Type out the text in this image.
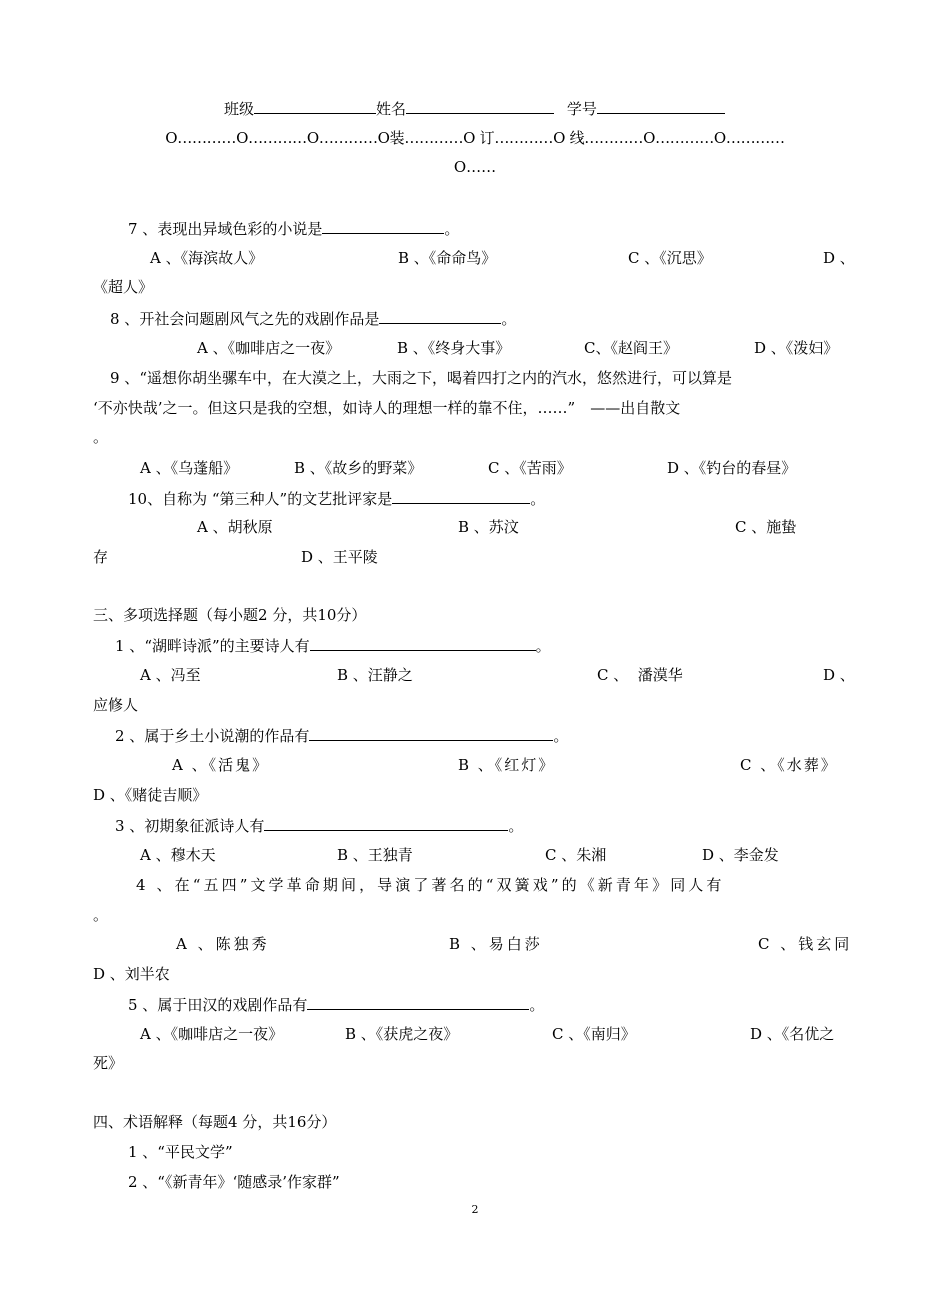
班级	姓名	学号
O…………O…………O…………O装…………O 订…………O 线…………O…………O…………
O……
7 、表现出异域色彩的小说是	。
A 、《海滨故人》	B 、《命命鸟》	C 、《沉思》	D 、
《超人》
8 、开社会问题剧风气之先的戏剧作品是	。
A 、《咖啡店之一夜》	B 、《终身大事》	C、《赵阎王》	D 、《泼妇》
9 、“遥想你胡坐骡车中，在大漠之上，大雨之下，喝着四打之内的汽水，悠然进行，可以算是
‘不亦快哉’之一。但这只是我的空想，如诗人的理想一样的靠不住，……”　——出自散文
。
A 、《乌蓬船》	B 、《故乡的野菜》	C 、《苦雨》	D 、《钓台的春昼》
10、自称为 “第三种人”的文艺批评家是	。
A 、胡秋原	B 、苏汶	C 、施蛰
存	D 、王平陵
三、多项选择题（每小题2 分，共10分）
1 、“湖畔诗派”的主要诗人有	。
A 、冯至	B 、汪静之	C 、  潘漠华	D 、
应修人
2 、属于乡土小说潮的作品有	。
A 、《活鬼》	B 、《红灯》	C 、《水葬》
D 、《赌徒吉顺》
3 、初期象征派诗人有	。
A 、穆木天	B 、王独青	C 、朱湘	D 、李金发
4 、在“五四”文学革命期间，导演了著名的“双簧戏”的《新青年》同人有
。
A 、陈独秀	B 、易白莎	C 、钱玄同
D 、刘半农
5 、属于田汉的戏剧作品有	。
A 、《咖啡店之一夜》	B 、《获虎之夜》	C 、《南归》	D 、《名优之
死》
四、术语解释（每题4 分，共16分）
1 、“平民文学”
2 、“《新青年》‘随感录’作家群”
2
